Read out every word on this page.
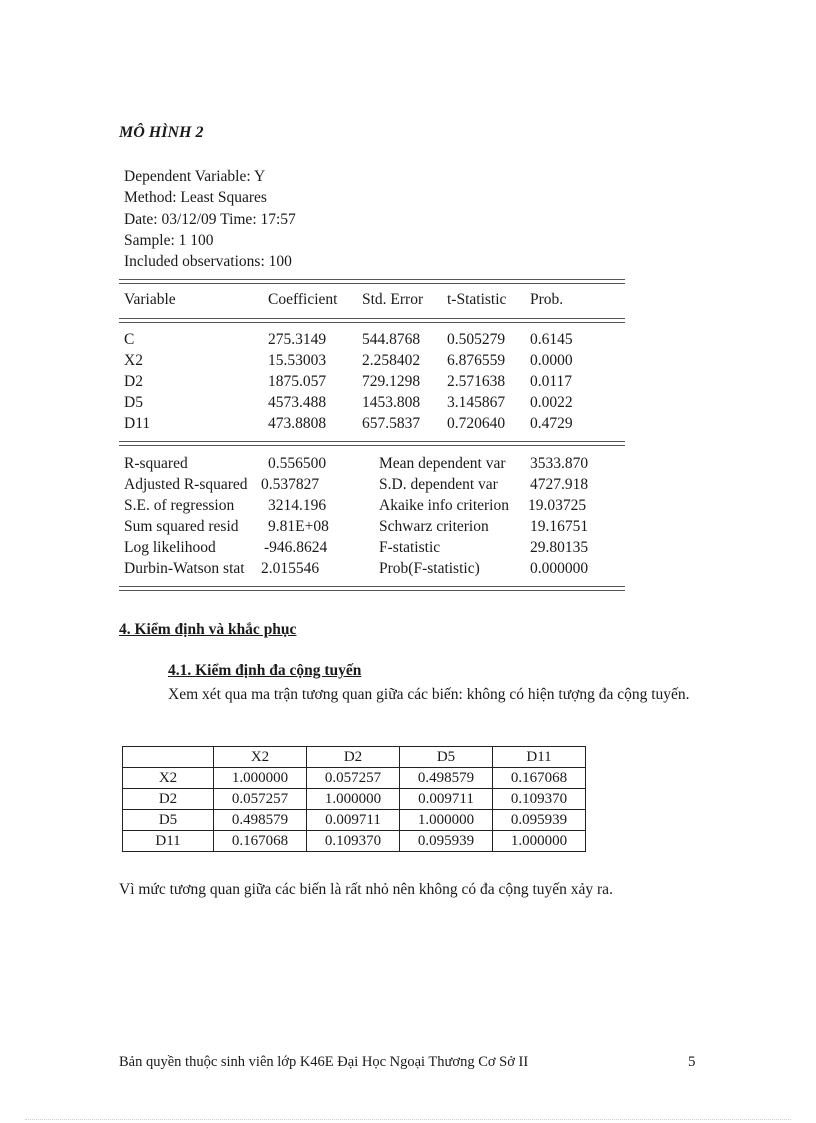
MÔ HÌNH 2
Dependent Variable: Y
Method: Least Squares
Date: 03/12/09 Time: 17:57
Sample: 1 100
Included observations: 100
Variable	Coefficient Std. Error t-Statistic Prob.
C	275.3149 544.8768 0.505279 0.6145
X2	15.53003 2.258402 6.876559 0.0000
D2	1875.057 729.1298 2.571638 0.0117
D5	4573.488 1453.808 3.145867 0.0022
D11	473.8808 657.5837 0.720640 0.4729
R-squared	0.556500	Mean dependent var 3533.870
Adjusted R-squared 0.537827	S.D. dependent var 4727.918
S.E. of regression 3214.196	Akaike info criterion 19.03725
Sum squared resid 9.81E+08	Schwarz criterion	19.16751
Log likelihood	-946.8624	F-statistic	29.80135
Durbin-Watson stat 2.015546	Prob(F-statistic)	0.000000
4. Kiểm định và khắc phục
4.1. Kiểm định đa cộng tuyến
Xem xét qua ma trận tương quan giữa các biến: không có hiện tượng đa cộng tuyến.
	X2	D2	D5	D11
X2	1.000000	0.057257	0.498579	0.167068
D2	0.057257	1.000000	0.009711	0.109370
D5	0.498579	0.009711	1.000000	0.095939
D11	0.167068	0.109370	0.095939	1.000000
Vì mức tương quan giữa các biến là rất nhỏ nên không có đa cộng tuyến xảy ra.
Bản quyền thuộc sinh viên lớp K46E Đại Học Ngoại Thương Cơ Sở II	5
